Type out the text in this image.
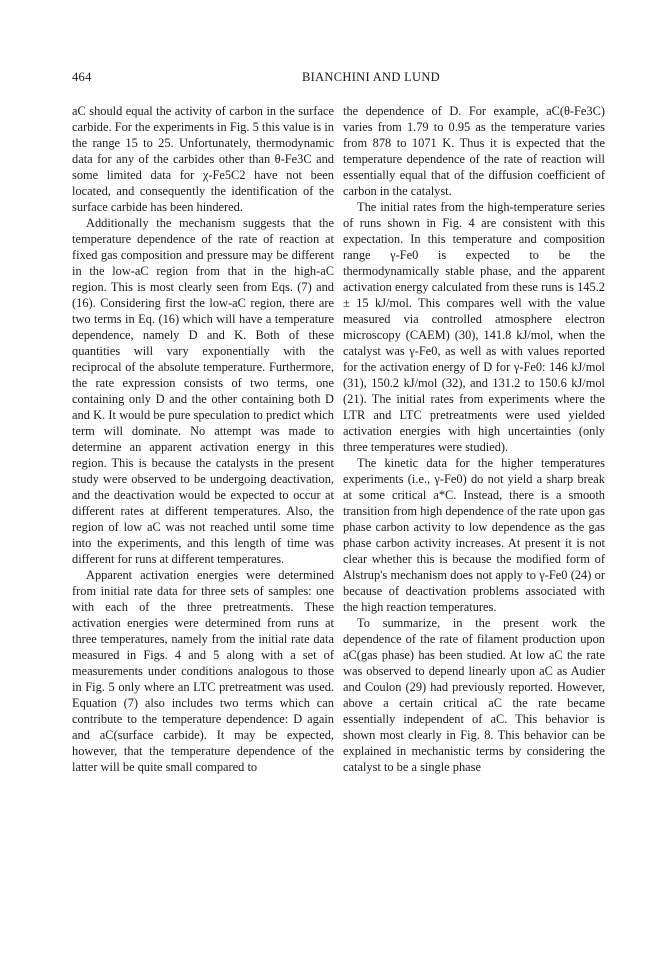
464	BIANCHINI AND LUND

aC should equal the activity of carbon in the surface carbide. For the experiments in Fig. 5 this value is in the range 15 to 25. Unfortunately, thermodynamic data for any of the carbides other than θ-Fe3C and some limited data for χ-Fe5C2 have not been located, and consequently the identification of the surface carbide has been hindered.

Additionally the mechanism suggests that the temperature dependence of the rate of reaction at fixed gas composition and pressure may be different in the low-aC region from that in the high-aC region. This is most clearly seen from Eqs. (7) and (16). Considering first the low-aC region, there are two terms in Eq. (16) which will have a temperature dependence, namely D and K. Both of these quantities will vary exponentially with the reciprocal of the absolute temperature. Furthermore, the rate expression consists of two terms, one containing only D and the other containing both D and K. It would be pure speculation to predict which term will dominate. No attempt was made to determine an apparent activation energy in this region. This is because the catalysts in the present study were observed to be undergoing deactivation, and the deactivation would be expected to occur at different rates at different temperatures. Also, the region of low aC was not reached until some time into the experiments, and this length of time was different for runs at different temperatures.

Apparent activation energies were determined from initial rate data for three sets of samples: one with each of the three pretreatments. These activation energies were determined from runs at three temperatures, namely from the initial rate data measured in Figs. 4 and 5 along with a set of measurements under conditions analogous to those in Fig. 5 only where an LTC pretreatment was used. Equation (7) also includes two terms which can contribute to the temperature dependence: D again and aC(surface carbide). It may be expected, however, that the temperature dependence of the latter will be quite small compared to

the dependence of D. For example, aC(θ-Fe3C) varies from 1.79 to 0.95 as the temperature varies from 878 to 1071 K. Thus it is expected that the temperature dependence of the rate of reaction will essentially equal that of the diffusion coefficient of carbon in the catalyst.

The initial rates from the high-temperature series of runs shown in Fig. 4 are consistent with this expectation. In this temperature and composition range γ-Fe0 is expected to be the thermodynamically stable phase, and the apparent activation energy calculated from these runs is 145.2 ± 15 kJ/mol. This compares well with the value measured via controlled atmosphere electron microscopy (CAEM) (30), 141.8 kJ/mol, when the catalyst was γ-Fe0, as well as with values reported for the activation energy of D for γ-Fe0: 146 kJ/mol (31), 150.2 kJ/mol (32), and 131.2 to 150.6 kJ/mol (21). The initial rates from experiments where the LTR and LTC pretreatments were used yielded activation energies with high uncertainties (only three temperatures were studied).

The kinetic data for the higher temperatures experiments (i.e., γ-Fe0) do not yield a sharp break at some critical a*C. Instead, there is a smooth transition from high dependence of the rate upon gas phase carbon activity to low dependence as the gas phase carbon activity increases. At present it is not clear whether this is because the modified form of Alstrup's mechanism does not apply to γ-Fe0 (24) or because of deactivation problems associated with the high reaction temperatures.

To summarize, in the present work the dependence of the rate of filament production upon aC(gas phase) has been studied. At low aC the rate was observed to depend linearly upon aC as Audier and Coulon (29) had previously reported. However, above a certain critical aC the rate became essentially independent of aC. This behavior is shown most clearly in Fig. 8. This behavior can be explained in mechanistic terms by considering the catalyst to be a single phase
